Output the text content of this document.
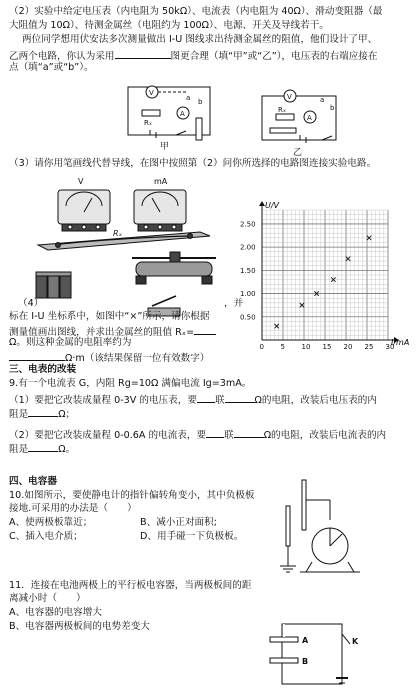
（2）实验中给定电压表（内电阻为 50kΩ）、电流表（内电阻为 40Ω）、滑动变阻器（最
大阻值为 10Ω）、待测金属丝（电阻约为 100Ω）、电源、开关及导线若干。
两位同学想用伏安法多次测量做出 I-U 图线求出待测金属丝的阻值，他们设计了甲、
乙两个电路，你认为采用	图更合理（填“甲”或“乙”），电压表的右端应接在
点（填“a”或“b”）。
V
A
Rₓ
a b
V
A
Rₓ
a
b
甲
乙
（3）请你用笔画线代替导线，在图中按照第（2）问你所选择的电路图连接实验电路。
V	mA
Rₓ
0 5 10 15 20 25 30
0.50
1.00
1.50
2.00
2.50
U/V
I/mA
（4）	，并
标在 I-U 坐标系中，如图中“×”所示，请你根据
测量值画出图线，并求出金属丝的阻值 Rₓ=
Ω。则这种金属的电阻率约为
Ω·m（该结果保留一位有效数字）
三、电表的改装
9.有一个电流表 G，内阻 Rg=10Ω 满偏电流 Ig=3mA。
（1）要把它改装成量程 0-3V 的电压表，要 联	Ω的电阻，改装后电压表的内
阻是	Ω；
（2）要把它改装成量程 0-0.6A 的电流表，要 联	Ω的电阻，改装后电流表的内
阻是	Ω。
四、电容器
10.如图所示，要使静电计的指针偏转角变小，其中负极板
接地.可采用的办法是（　　）
A、使两极板靠近；	B、减小正对面积;
C、插入电介质；	D、用手碰一下负极板。
11．连接在电池两极上的平行板电容器，当两极板间的距
离减小时（　　）
A、电容器的电容增大
B、电容器两极板间的电势差变大
A
B
K
